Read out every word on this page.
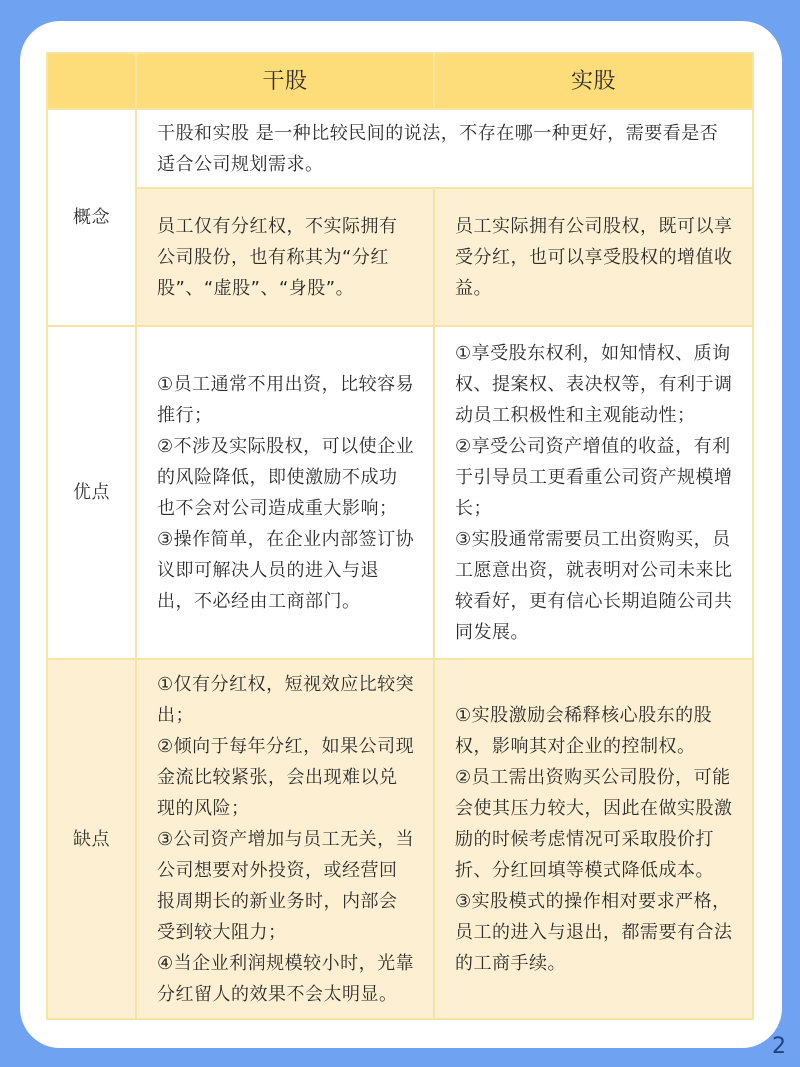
干股	实股
概念

干股和实股 是一种比较民间的说法，不存在哪一种更好，需要看是否适合公司规划需求。

员工仅有分红权，不实际拥有公司股份，也有称其为“分红股”、“虚股”、“身股”。

员工实际拥有公司股权，既可以享受分红，也可以享受股权的增值收益。

优点

①员工通常不用出资，比较容易推行；

②不涉及实际股权，可以使企业的风险降低，即使激励不成功也不会对公司造成重大影响；

③操作简单，在企业内部签订协议即可解决人员的进入与退出，不必经由工商部门。

①享受股东权利，如知情权、质询权、提案权、表决权等，有利于调动员工积极性和主观能动性；

②享受公司资产增值的收益，有利于引导员工更看重公司资产规模增长；

③实股通常需要员工出资购买，员工愿意出资，就表明对公司未来比较看好，更有信心长期追随公司共同发展。

缺点

①仅有分红权，短视效应比较突出；

②倾向于每年分红，如果公司现金流比较紧张，会出现难以兑现的风险；

③公司资产增加与员工无关，当公司想要对外投资，或经营回报周期长的新业务时，内部会受到较大阻力；

④当企业利润规模较小时，光靠分红留人的效果不会太明显。

①实股激励会稀释核心股东的股权，影响其对企业的控制权。

②员工需出资购买公司股份，可能会使其压力较大，因此在做实股激励的时候考虑情况可采取股价打折、分红回填等模式降低成本。

③实股模式的操作相对要求严格，员工的进入与退出，都需要有合法的工商手续。

2
